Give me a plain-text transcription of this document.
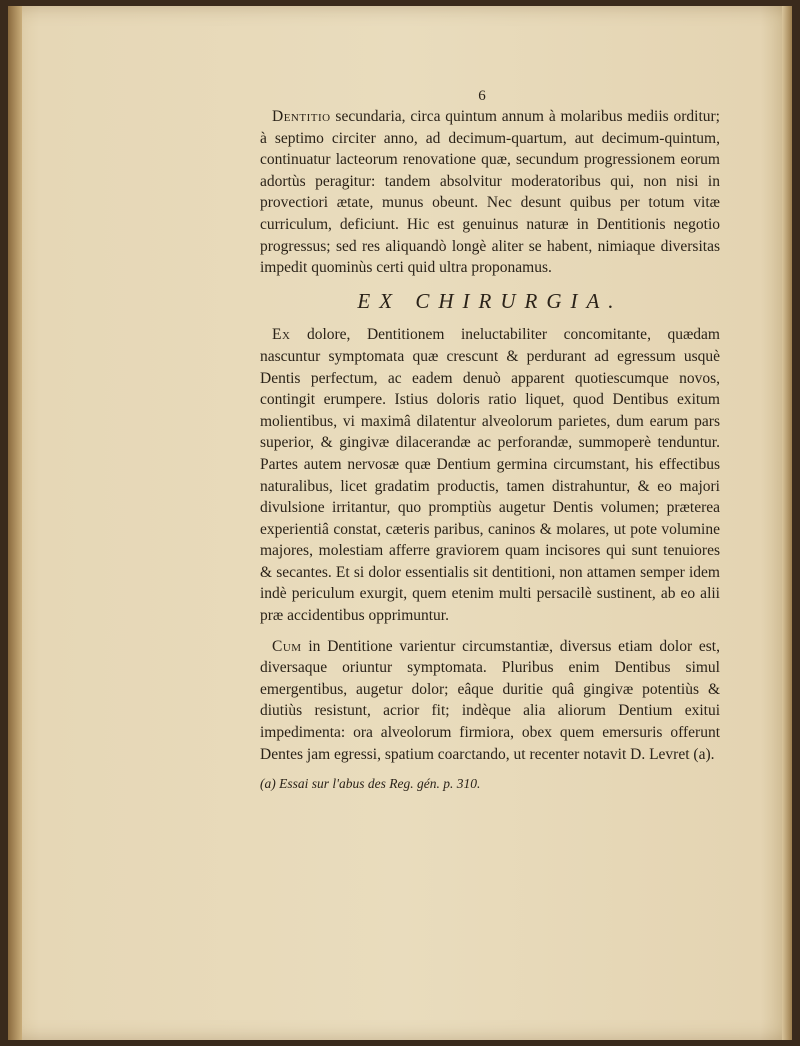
6

Dentitio secundaria, circa quintum annum à molaribus mediis orditur; à septimo circiter anno, ad decimum-quartum, aut decimum-quintum, continuatur lacteorum renovatione quæ, secundum progressionem eorum adortùs peragitur: tandem absolvitur moderatoribus qui, non nisi in provectiori ætate, munus obeunt. Nec desunt quibus per totum vitæ curriculum, deficiunt. Hic est genuinus naturæ in Dentitionis negotio progressus; sed res aliquandò longè aliter se habent, nimiaque diversitas impedit quominùs certi quid ultra proponamus.

EX CHIRURGIA.

Ex dolore, Dentitionem ineluctabiliter concomitante, quædam nascuntur symptomata quæ crescunt & perdurant ad egressum usquè Dentis perfectum, ac eadem denuò apparent quotiescumque novos, contingit erumpere. Istius doloris ratio liquet, quod Dentibus exitum molientibus, vi maximâ dilatentur alveolorum parietes, dum earum pars superior, & gingivæ dilacerandæ ac perforandæ, summoperè tenduntur. Partes autem nervosæ quæ Dentium germina circumstant, his effectibus naturalibus, licet gradatim productis, tamen distrahuntur, & eo majori divulsione irritantur, quo promptiùs augetur Dentis volumen; præterea experientiâ constat, cæteris paribus, caninos & molares, ut pote volumine majores, molestiam afferre graviorem quam incisores qui sunt tenuiores & secantes. Et si dolor essentialis sit dentitioni, non attamen semper idem indè periculum exurgit, quem etenim multi persacilè sustinent, ab eo alii præ accidentibus opprimuntur.

Cum in Dentitione varientur circumstantiæ, diversus etiam dolor est, diversaque oriuntur symptomata. Pluribus enim Dentibus simul emergentibus, augetur dolor; eâque duritie quâ gingivæ potentiùs & diutiùs resistunt, acrior fit; indèque alia aliorum Dentium exitui impedimenta: ora alveolorum firmiora, obex quem emersuris offerunt Dentes jam egressi, spatium coarctando, ut recenter notavit D. Levret (a).

(a) Essai sur l'abus des Reg. gén. p. 310.
